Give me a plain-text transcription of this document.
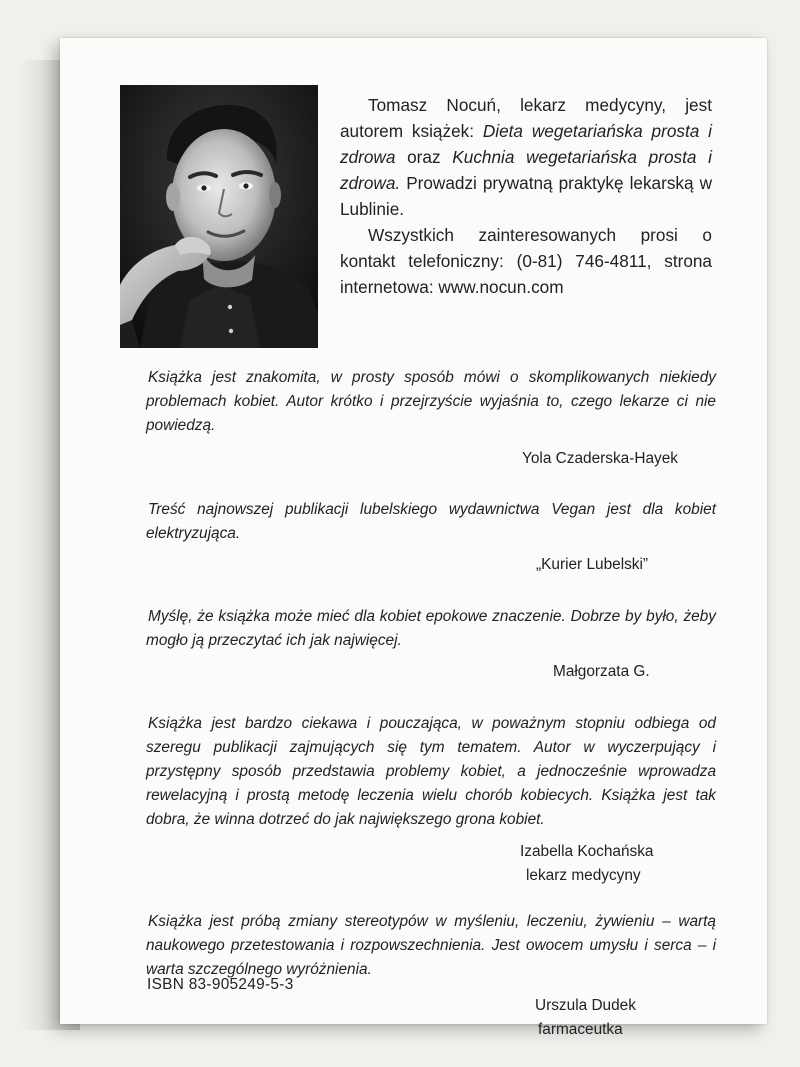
Tomasz Nocuń, lekarz medycyny, jest autorem książek: Dieta wegetariańska prosta i zdrowa oraz Kuchnia wegetariańska prosta i zdrowa. Prowadzi prywatną praktykę lekarską w Lublinie.

Wszystkich zainteresowanych prosi o kontakt telefoniczny: (0-81) 746-4811, strona internetowa: www.nocun.com

Książka jest znakomita, w prosty sposób mówi o skomplikowanych niekiedy problemach kobiet. Autor krótko i przejrzyście wyjaśnia to, czego lekarze ci nie powiedzą.

Yola Czaderska-Hayek

Treść najnowszej publikacji lubelskiego wydawnictwa Vegan jest dla kobiet elektryzująca.

„Kurier Lubelski”

Myślę, że książka może mieć dla kobiet epokowe znaczenie. Dobrze by było, żeby mogło ją przeczytać ich jak najwięcej.

Małgorzata G.

Książka jest bardzo ciekawa i pouczająca, w poważnym stopniu odbiega od szeregu publikacji zajmujących się tym tematem. Autor w wyczerpujący i przystępny sposób przedstawia problemy kobiet, a jednocześnie wprowadza rewelacyjną i prostą metodę leczenia wielu chorób kobiecych. Książka jest tak dobra, że winna dotrzeć do jak największego grona kobiet.

Izabella Kochańska
lekarz medycyny

Książka jest próbą zmiany stereotypów w myśleniu, leczeniu, żywieniu – wartą naukowego przetestowania i rozpowszechnienia. Jest owocem umysłu i serca – i warta szczególnego wyróżnienia.

Urszula Dudek
farmaceutka
ISBN 83-905249-5-3
